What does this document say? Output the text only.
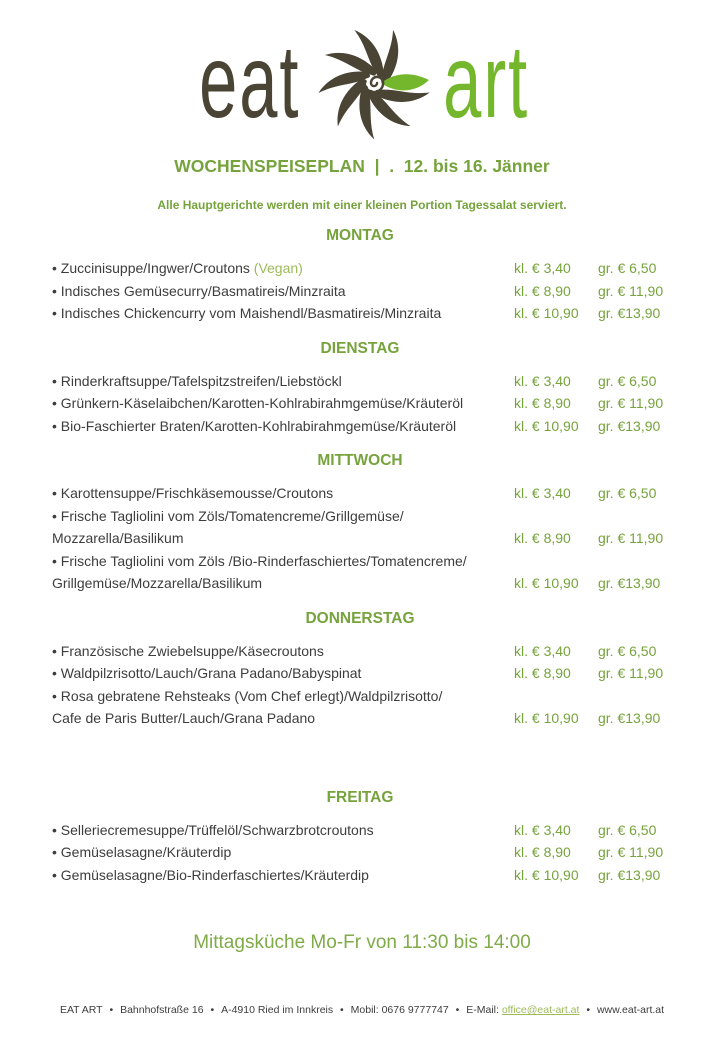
eat art
WOCHENSPEISEPLAN  |  .  12. bis 16. Jänner
Alle Hauptgerichte werden mit einer kleinen Portion Tagessalat serviert.
MONTAG
• Zuccinisuppe/Ingwer/Croutons (Vegan)	kl. € 3,40	gr. € 6,50
• Indisches Gemüsecurry/Basmatireis/Minzraita	kl. € 8,90	gr. € 11,90
• Indisches Chickencurry vom Maishendl/Basmatireis/Minzraita	kl. € 10,90	gr. €13,90
DIENSTAG
• Rinderkraftsuppe/Tafelspitzstreifen/Liebstöckl	kl. € 3,40	gr. € 6,50
• Grünkern-Käselaibchen/Karotten-Kohlrabirahmgemüse/Kräuteröl	kl. € 8,90	gr. € 11,90
• Bio-Faschierter Braten/Karotten-Kohlrabirahmgemüse/Kräuteröl	kl. € 10,90	gr. €13,90
MITTWOCH
• Karottensuppe/Frischkäsemousse/Croutons	kl. € 3,40	gr. € 6,50
• Frische Tagliolini vom Zöls/Tomatencreme/Grillgemüse/
Mozzarella/Basilikum	kl. € 8,90	gr. € 11,90
• Frische Tagliolini vom Zöls /Bio-Rinderfaschiertes/Tomatencreme/
Grillgemüse/Mozzarella/Basilikum	kl. € 10,90	gr. €13,90
DONNERSTAG
• Französische Zwiebelsuppe/Käsecroutons	kl. € 3,40	gr. € 6,50
• Waldpilzrisotto/Lauch/Grana Padano/Babyspinat	kl. € 8,90	gr. € 11,90
• Rosa gebratene Rehsteaks (Vom Chef erlegt)/Waldpilzrisotto/
Cafe de Paris Butter/Lauch/Grana Padano	kl. € 10,90	gr. €13,90
FREITAG
• Selleriecremesuppe/Trüffelöl/Schwarzbrotcroutons	kl. € 3,40	gr. € 6,50
• Gemüselasagne/Kräuterdip	kl. € 8,90	gr. € 11,90
• Gemüselasagne/Bio-Rinderfaschiertes/Kräuterdip	kl. € 10,90	gr. €13,90
Mittagsküche Mo-Fr von 11:30 bis 14:00
EAT ART • Bahnhofstraße 16 • A-4910 Ried im Innkreis • Mobil: 0676 9777747 • E-Mail: office@eat-art.at • www.eat-art.at
